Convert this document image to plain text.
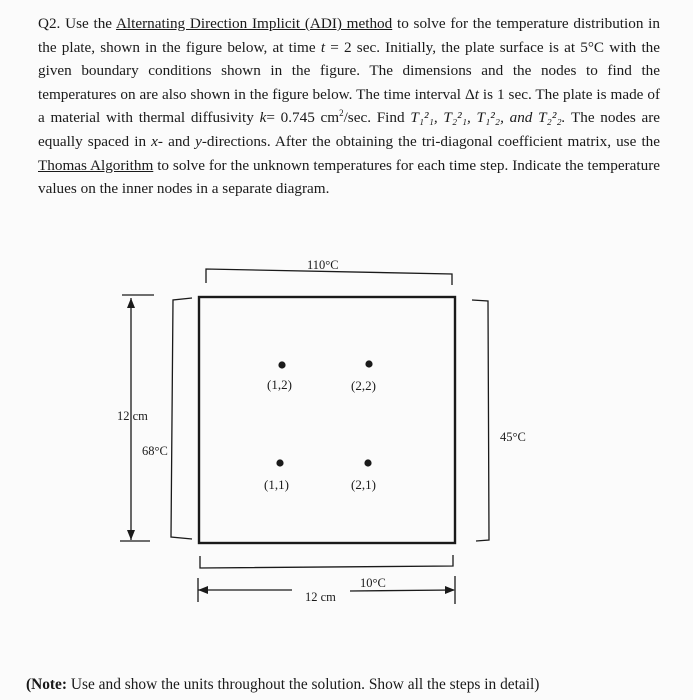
Q2. Use the Alternating Direction Implicit (ADI) method to solve for the temperature distribution in the plate, shown in the figure below, at time t = 2 sec. Initially, the plate surface is at 5°C with the given boundary conditions shown in the figure. The dimensions and the nodes to find the temperatures on are also shown in the figure below. The time interval Δt is 1 sec. The plate is made of a material with thermal diffusivity k= 0.745 $cm^2/\sec$. Find T₁²₁, T₂²₁, T₁²₂, and T₂²₂. The nodes are equally spaced in x- and y-directions. After the obtaining the tri-diagonal coefficient matrix, use the Thomas Algorithm to solve for the unknown temperatures for each time step. Indicate the temperature values on the inner nodes in a separate diagram.
110°C
12 cm
68°C
45°C
10°C
12 cm
(1,2)	(2,2)
(1,1)	(2,1)
(Note: Use and show the units throughout the solution. Show all the steps in detail)
